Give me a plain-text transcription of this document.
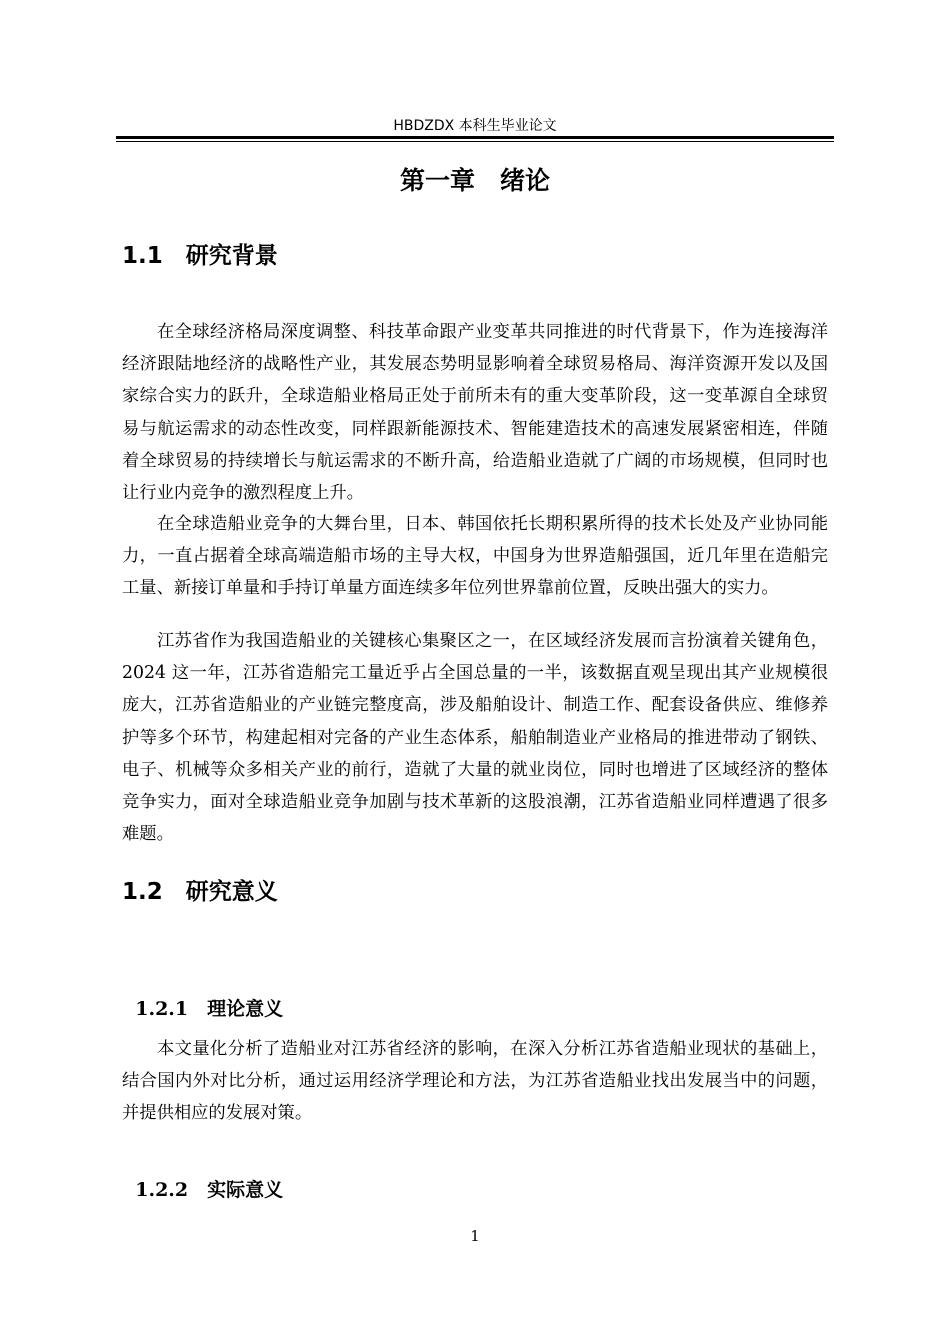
HBDZDX 本科生毕业论文
第一章　绪论
1.1　研究背景

在全球经济格局深度调整、科技革命跟产业变革共同推进的时代背景下，作为连接海洋经济跟陆地经济的战略性产业，其发展态势明显影响着全球贸易格局、海洋资源开发以及国家综合实力的跃升，全球造船业格局正处于前所未有的重大变革阶段，这一变革源自全球贸易与航运需求的动态性改变，同样跟新能源技术、智能建造技术的高速发展紧密相连，伴随着全球贸易的持续增长与航运需求的不断升高，给造船业造就了广阔的市场规模，但同时也让行业内竞争的激烈程度上升。

在全球造船业竞争的大舞台里，日本、韩国依托长期积累所得的技术长处及产业协同能力，一直占据着全球高端造船市场的主导大权，中国身为世界造船强国，近几年里在造船完工量、新接订单量和手持订单量方面连续多年位列世界靠前位置，反映出强大的实力。

江苏省作为我国造船业的关键核心集聚区之一，在区域经济发展而言扮演着关键角色，2024 这一年，江苏省造船完工量近乎占全国总量的一半，该数据直观呈现出其产业规模很庞大，江苏省造船业的产业链完整度高，涉及船舶设计、制造工作、配套设备供应、维修养护等多个环节，构建起相对完备的产业生态体系，船舶制造业产业格局的推进带动了钢铁、电子、机械等众多相关产业的前行，造就了大量的就业岗位，同时也增进了区域经济的整体竞争实力，面对全球造船业竞争加剧与技术革新的这股浪潮，江苏省造船业同样遭遇了很多难题。

1.2　研究意义

1.2.1　 理论意义

本文量化分析了造船业对江苏省经济的影响，在深入分析江苏省造船业现状的基础上，结合国内外对比分析，通过运用经济学理论和方法，为江苏省造船业找出发展当中的问题，并提供相应的发展对策。

1.2.2　 实际意义

1
